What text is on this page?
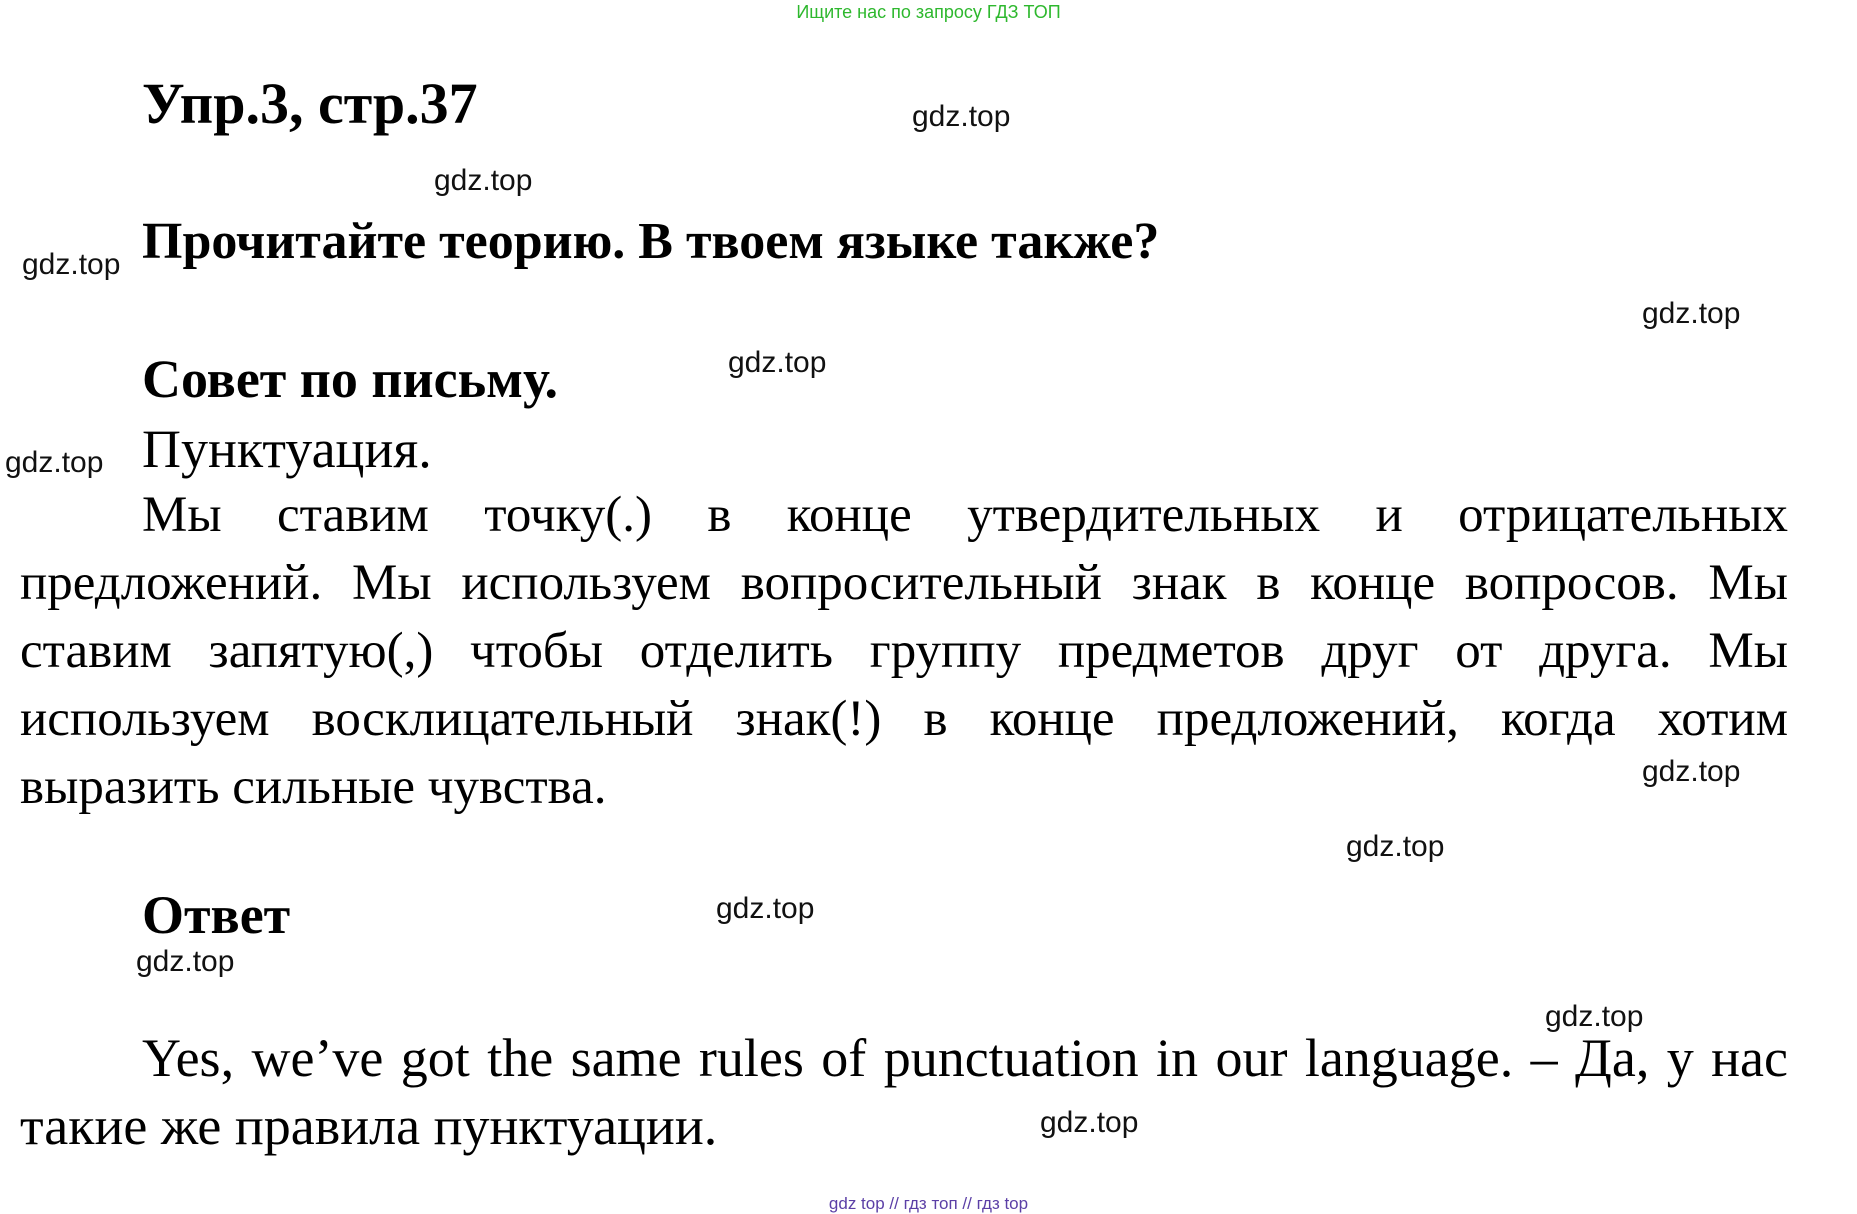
Ищите нас по запросу ГДЗ ТОП
Упр.3, стр.37
Прочитайте теорию. В твоем языке также?
Совет по письму.
Пунктуация.
Мы ставим точку(.) в конце утвердительных и отрицательных предложений. Мы используем вопросительный знак в конце вопросов. Мы ставим запятую(,) чтобы отделить группу предметов друг от друга. Мы используем восклицательный знак(!) в конце предложений, когда хотим выразить сильные чувства.
Ответ
Yes, we’ve got the same rules of punctuation in our language. – Да, у нас такие же правила пунктуации.
gdz.top
gdz.top
gdz.top
gdz.top
gdz.top
gdz.top
gdz.top
gdz.top
gdz.top
gdz.top
gdz.top
gdz.top
gdz top // гдз топ // гдз top
